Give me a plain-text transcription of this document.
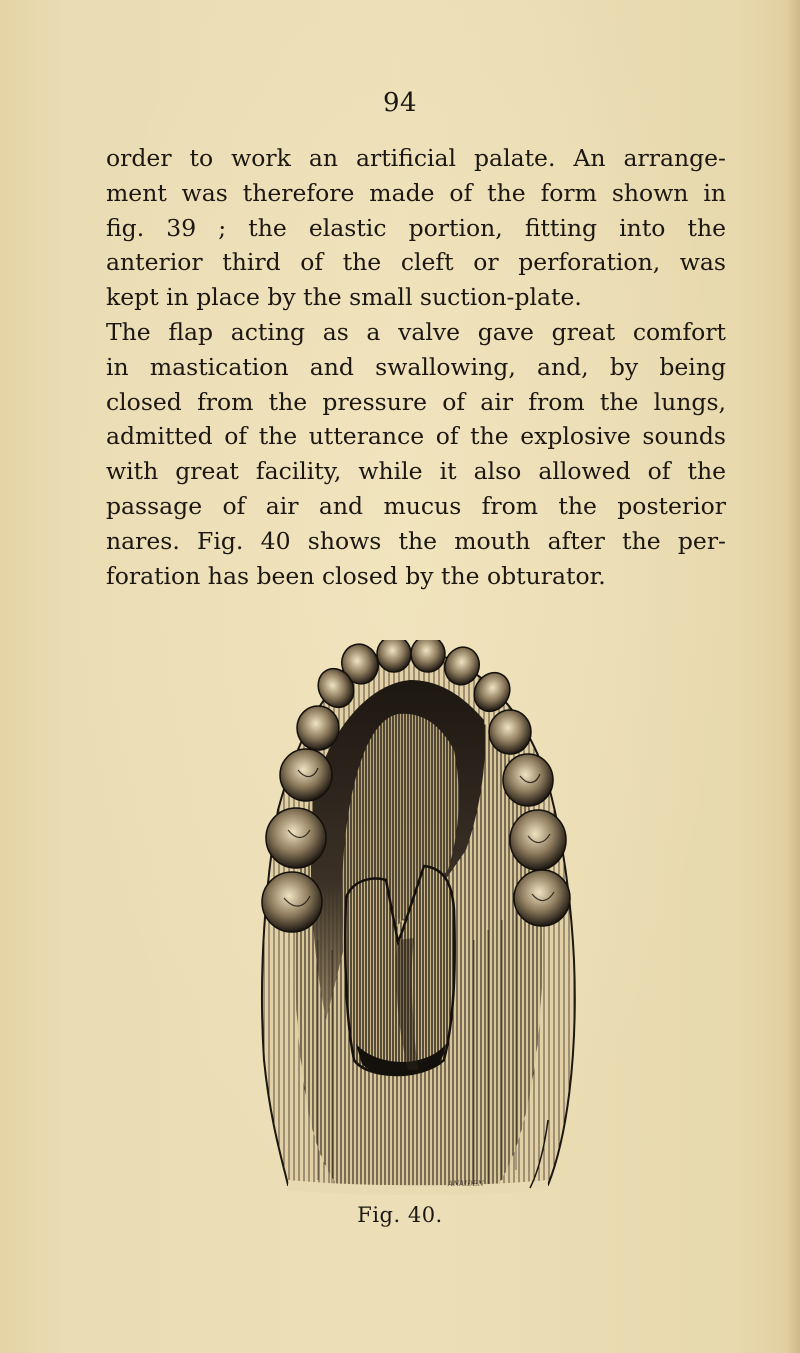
94
order to work an artificial palate. An arrange-
ment was therefore made of the form shown in
fig. 39 ; the elastic portion, fitting into the
anterior third of the cleft or perforation, was
kept in place by the small suction-plate.
The flap acting as a valve gave great comfort
in mastication and swallowing, and, by being
closed from the pressure of air from the lungs,
admitted of the utterance of the explosive sounds
with great facility, while it also allowed of the
passage of air and mucus from the posterior
nares. Fig. 40 shows the mouth after the per-
foration has been closed by the obturator.
ANAIDEN
Fig. 40.
